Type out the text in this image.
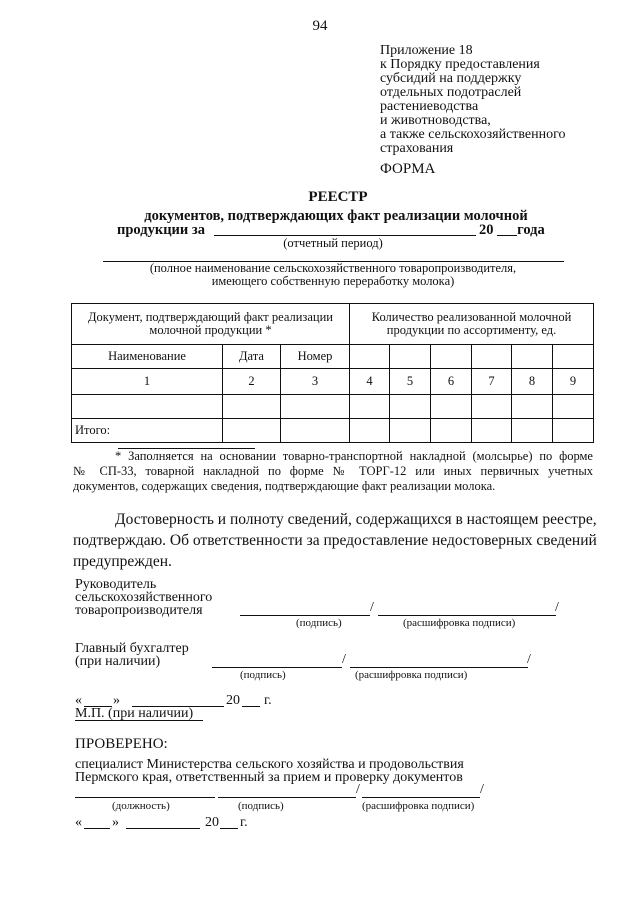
94
Приложение 18
к Порядку предоставления
субсидий на поддержку
отдельных подотраслей
растениеводства
и животноводства,
а также сельскохозяйственного
страхования
ФОРМА
РЕЕСТР
документов, подтверждающих факт реализации молочной
продукции за	20 года
(отчетный период)
(полное наименование сельскохозяйственного товаропроизводителя,
имеющего собственную переработку молока)
Документ, подтверждающий факт реализации молочной продукции *			Количество реализованной молочной продукции по ассортименту, ед.					
Наименование	Дата	Номер						
1	2	3	4	5	6	7	8	9

Итого:								
* Заполняется на основании товарно-транспортной накладной (молсырье) по форме
№ СП-33, товарной накладной по форме № ТОРГ-12 или иных первичных учетных
документов, содержащих сведения, подтверждающие факт реализации молока.
Достоверность и полноту сведений, содержащихся в настоящем реестре,
подтверждаю. Об ответственности за предоставление недостоверных сведений
предупрежден.
Руководитель
сельскохозяйственного
товаропроизводителя	/	/
(подпись)	(расшифровка подписи)
Главный бухгалтер
(при наличии)	/	/
(подпись)	(расшифровка подписи)
« »	20 г.
М.П. (при наличии)
ПРОВЕРЕНО:
специалист Министерства сельского хозяйства и продовольствия
Пермского края, ответственный за прием и проверку документов
/	/
(должность)	(подпись)	(расшифровка подписи)
« »	20 г.
